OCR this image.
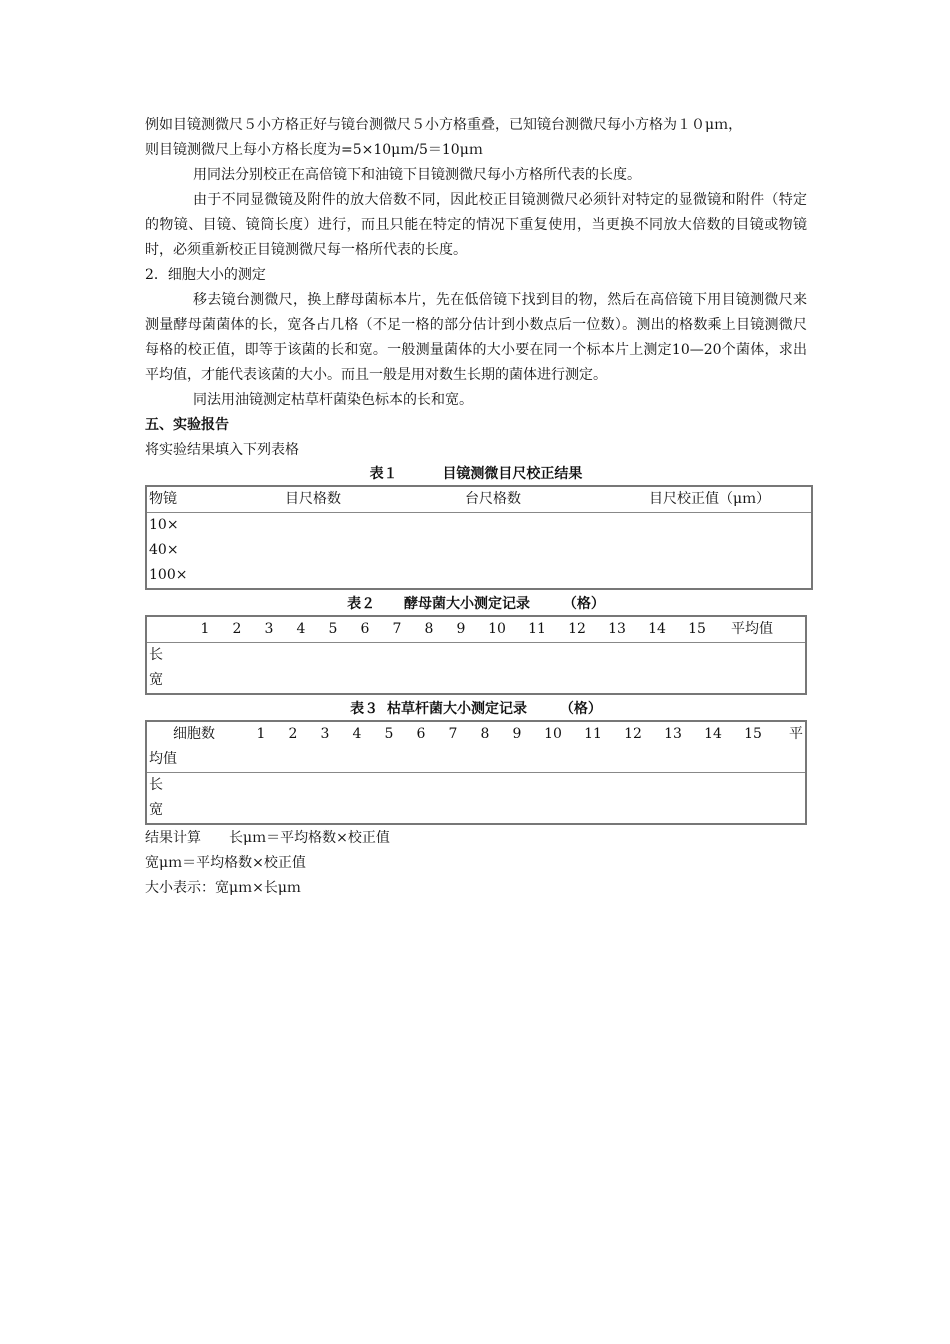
例如目镜测微尺５小方格正好与镜台测微尺５小方格重叠，已知镜台测微尺每小方格为１０μｍ，

则目镜测微尺上每小方格长度为=5×10μｍ/5＝10μｍ

用同法分别校正在高倍镜下和油镜下目镜测微尺每小方格所代表的长度。

由于不同显微镜及附件的放大倍数不同，因此校正目镜测微尺必须针对特定的显微镜和附件（特定的物镜、目镜、镜筒长度）进行，而且只能在特定的情况下重复使用，当更换不同放大倍数的目镜或物镜时，必须重新校正目镜测微尺每一格所代表的长度。

2．细胞大小的测定

移去镜台测微尺，换上酵母菌标本片，先在低倍镜下找到目的物，然后在高倍镜下用目镜测微尺来测量酵母菌菌体的长，宽各占几格（不足一格的部分估计到小数点后一位数）。测出的格数乘上目镜测微尺每格的校正值，即等于该菌的长和宽。一般测量菌体的大小要在同一个标本片上测定10—20个菌体，求出平均值，才能代表该菌的大小。而且一般是用对数生长期的菌体进行测定。

同法用油镜测定枯草杆菌染色标本的长和宽。

五、实验报告

将实验结果填入下列表格

表１	目镜测微目尺校正结果
物镜	目尺格数	台尺格数	目尺校正值（μｍ）

10×
40×
100×
表２ 酵母菌大小测定记录 （格）
1	2	3	4	5	6	7	8	9	10	11	12	13	14	15	平均值

长
宽
表３ 枯草杆菌大小测定记录 （格）
细胞数	1	2	3	4	5	6	7	8	9	10	11	12	13	14	15	平
均值

长
宽

结果计算　　长μｍ＝平均格数×校正值

宽μｍ＝平均格数×校正值

大小表示：宽μｍ×长μｍ
